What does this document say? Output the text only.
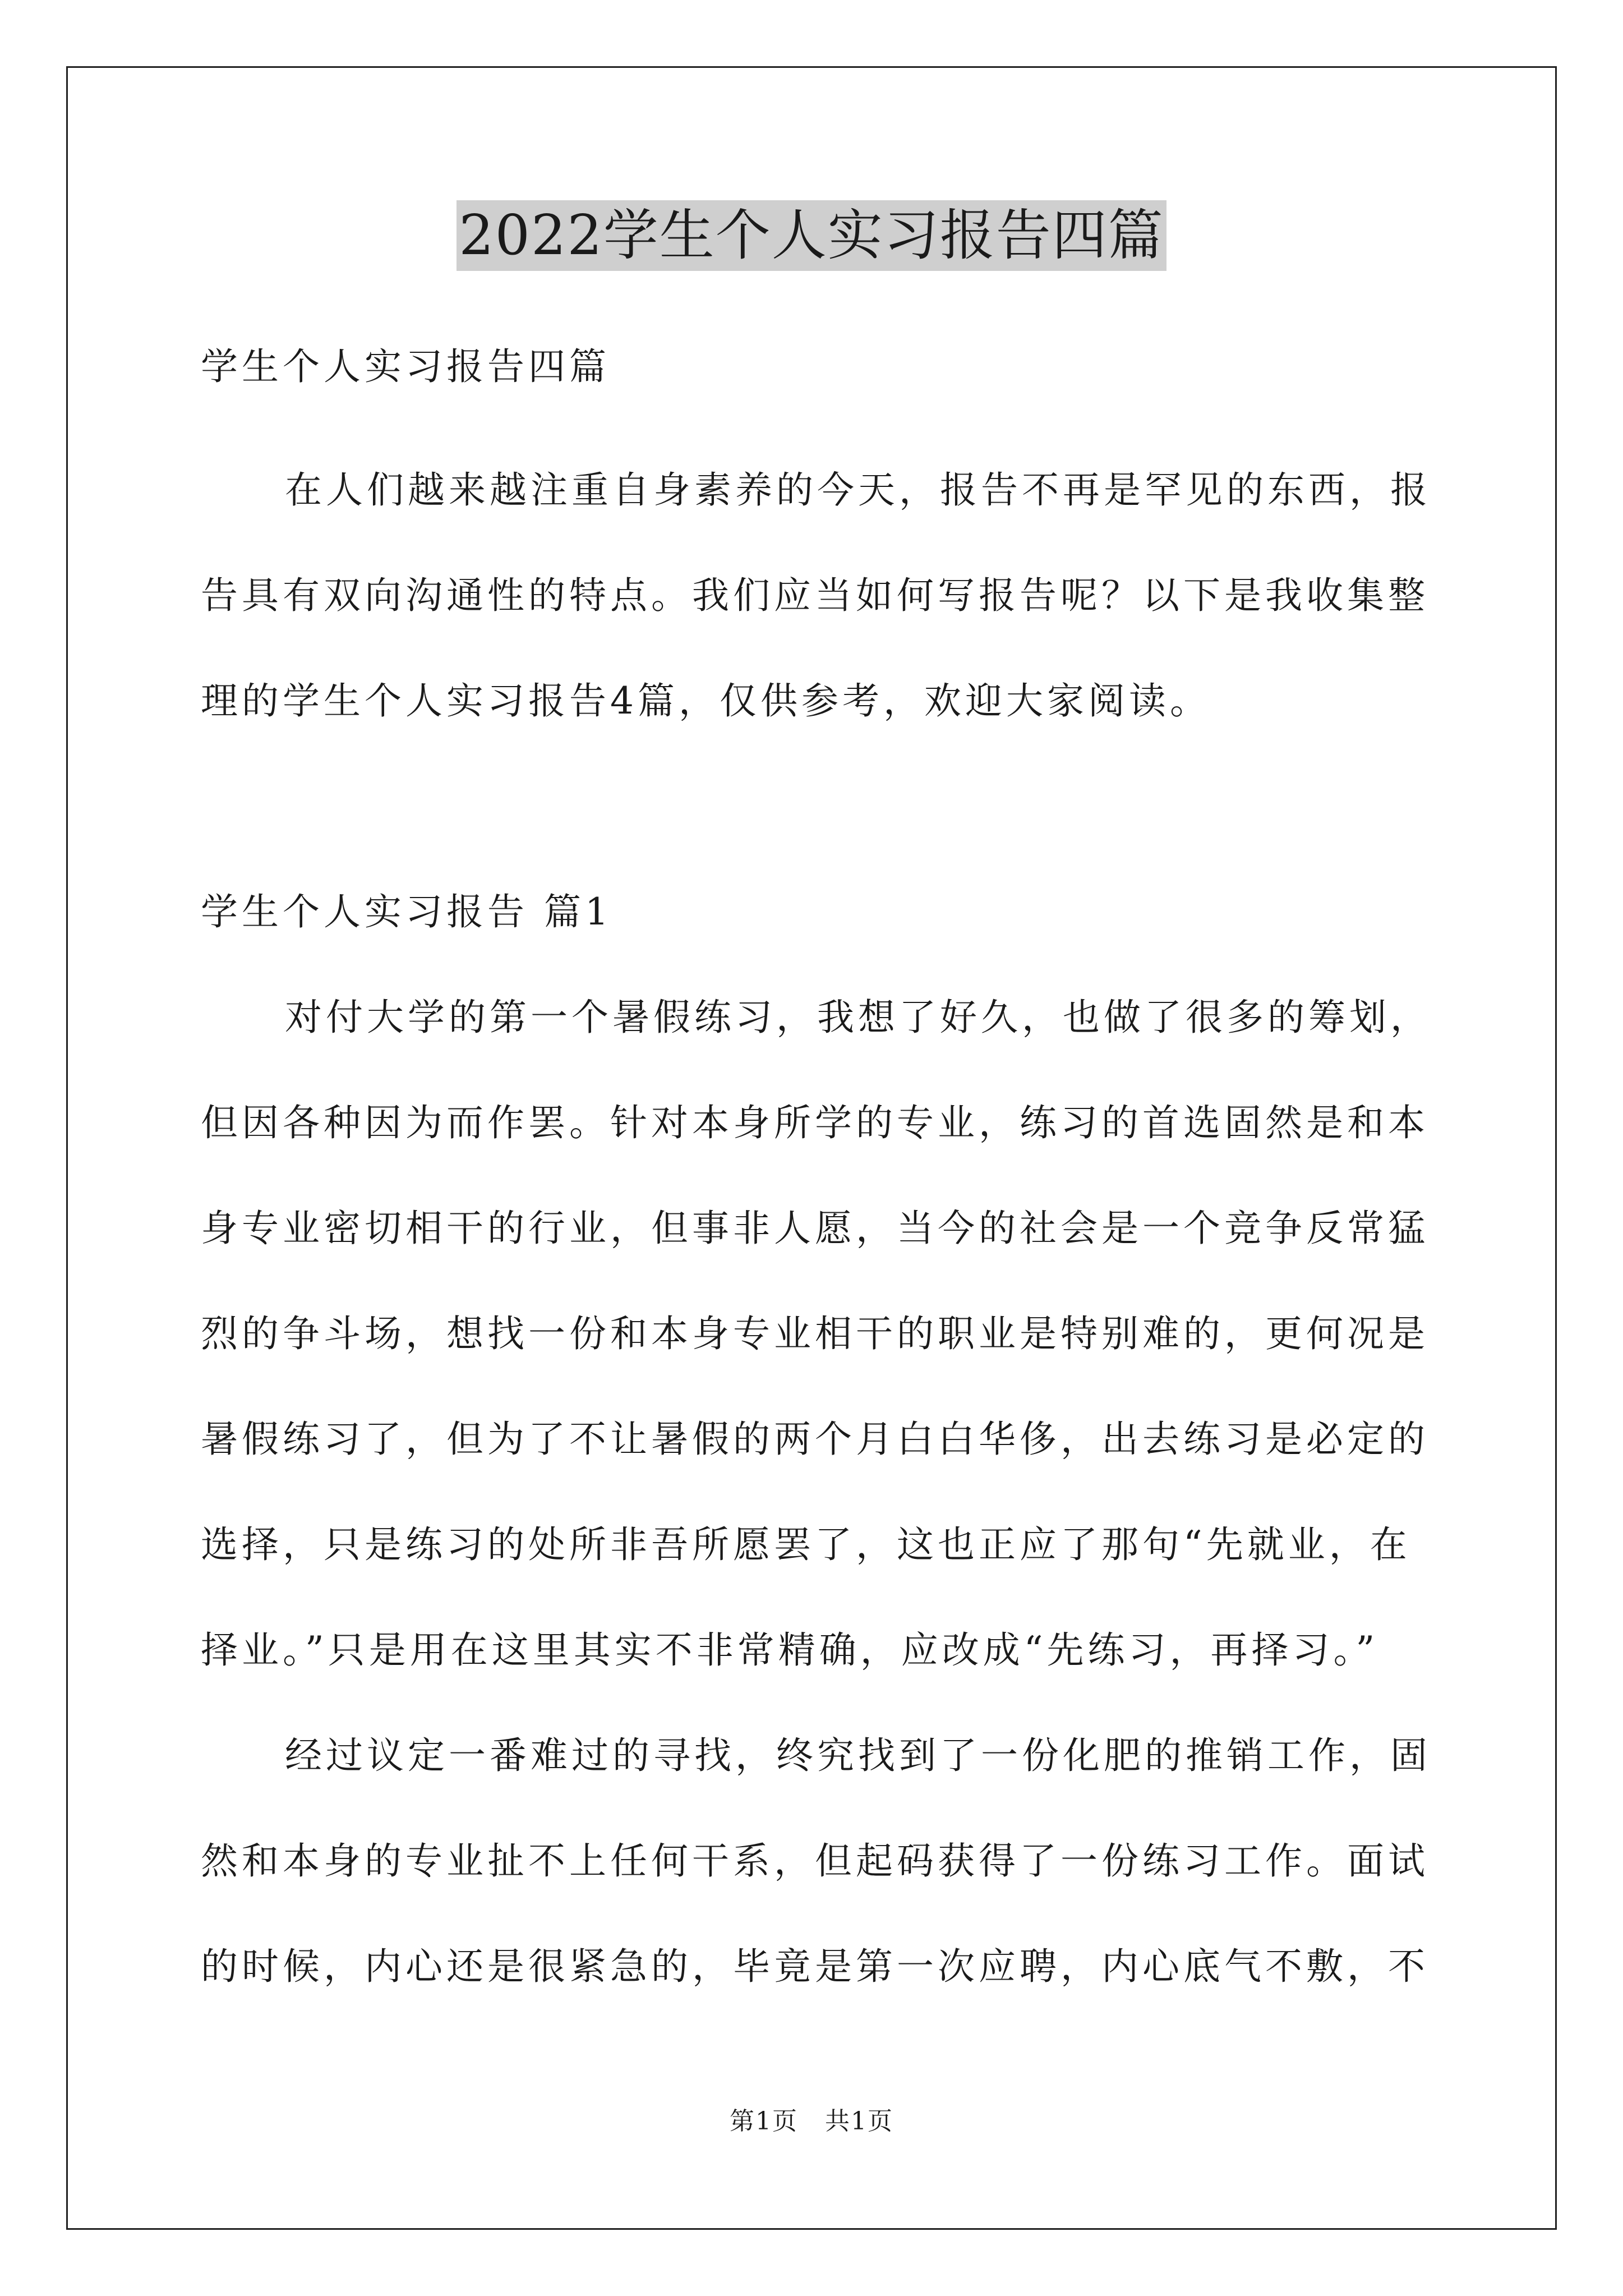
2022学生个人实习报告四篇
学生个人实习报告四篇
在人们越来越注重自身素养的今天，报告不再是罕见的东西，报
告具有双向沟通性的特点。我们应当如何写报告呢？以下是我收集整
理的学生个人实习报告4篇，仅供参考，欢迎大家阅读。
学生个人实习报告 篇1
对付大学的第一个暑假练习，我想了好久，也做了很多的筹划，
但因各种因为而作罢。针对本身所学的专业，练习的首选固然是和本
身专业密切相干的行业，但事非人愿，当今的社会是一个竞争反常猛
烈的争斗场，想找一份和本身专业相干的职业是特别难的，更何况是
暑假练习了，但为了不让暑假的两个月白白华侈，出去练习是必定的
选择，只是练习的处所非吾所愿罢了，这也正应了那句“先就业，在
择业。”只是用在这里其实不非常精确，应改成“先练习，再择习。”
经过议定一番难过的寻找，终究找到了一份化肥的推销工作，固
然和本身的专业扯不上任何干系，但起码获得了一份练习工作。面试
的时候，内心还是很紧急的，毕竟是第一次应聘，内心底气不敷，不
第1页 共1页
